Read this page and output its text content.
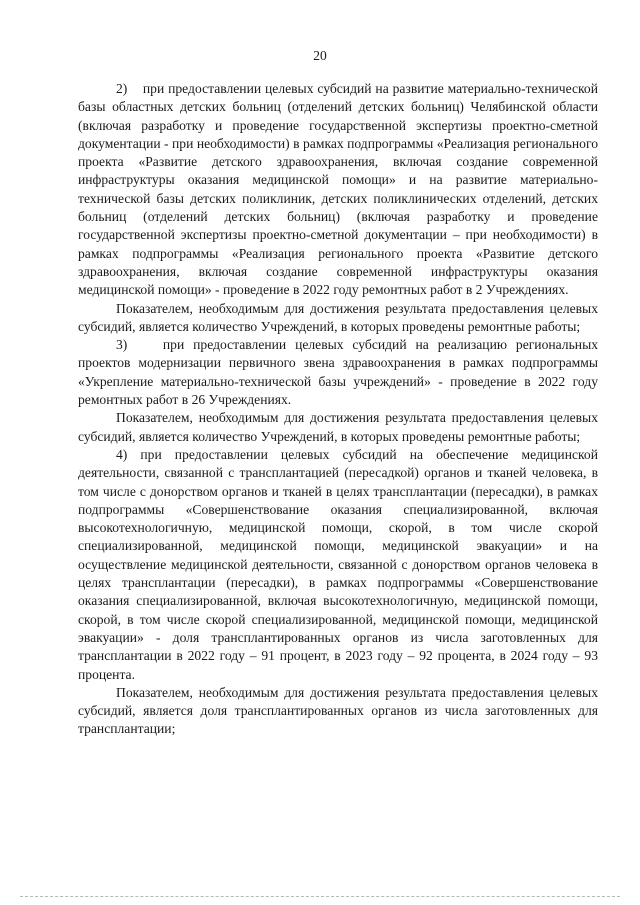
20

2)    при предоставлении целевых субсидий на развитие материально-технической базы областных детских больниц (отделений детских больниц) Челябинской области (включая разработку и проведение государственной экспертизы проектно-сметной документации - при необходимости) в рамках подпрограммы «Реализация регионального проекта «Развитие детского здравоохранения, включая создание современной инфраструктуры оказания медицинской помощи» и на развитие материально-технической базы детских поликлиник, детских поликлинических отделений, детских больниц (отделений детских больниц) (включая разработку и проведение государственной экспертизы проектно-сметной документации – при необходимости) в рамках подпрограммы «Реализация регионального проекта «Развитие детского здравоохранения, включая создание современной инфраструктуры оказания медицинской помощи» - проведение в 2022 году ремонтных работ в 2 Учреждениях.

Показателем, необходимым для достижения результата предоставления целевых субсидий, является количество Учреждений, в которых проведены ремонтные работы;

3)    при предоставлении целевых субсидий на реализацию региональных проектов модернизации первичного звена здравоохранения в рамках подпрограммы «Укрепление материально-технической базы учреждений» - проведение в 2022 году ремонтных работ в 26 Учреждениях.

Показателем, необходимым для достижения результата предоставления целевых субсидий, является количество Учреждений, в которых проведены ремонтные работы;

4) при предоставлении целевых субсидий на обеспечение медицинской деятельности, связанной с трансплантацией (пересадкой) органов и тканей человека, в том числе с донорством органов и тканей в целях трансплантации (пересадки), в рамках подпрограммы «Совершенствование оказания специализированной, включая высокотехнологичную, медицинской помощи, скорой, в том числе скорой специализированной, медицинской помощи, медицинской эвакуации» и на осуществление медицинской деятельности, связанной с донорством органов человека в целях трансплантации (пересадки), в рамках подпрограммы «Совершенствование оказания специализированной, включая высокотехнологичную, медицинской помощи, скорой, в том числе скорой специализированной, медицинской помощи, медицинской эвакуации» - доля трансплантированных органов из числа заготовленных для трансплантации в 2022 году – 91 процент, в 2023 году – 92 процента, в 2024 году – 93 процента.

Показателем, необходимым для достижения результата предоставления целевых субсидий, является доля трансплантированных органов из числа заготовленных для трансплантации;
